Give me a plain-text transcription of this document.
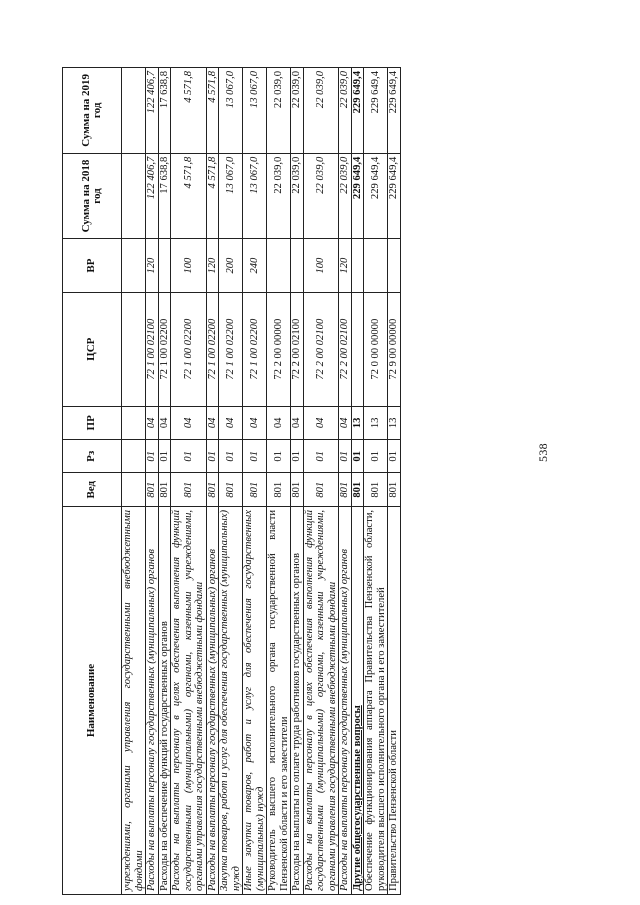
538
Наименование	Вед	Рз	ПР	ЦСР	ВР	Сумма на 2018 год	Сумма на 2019 год
учреждениями, органами управления государственными внебюджетными фондами							
Расходы на выплаты персоналу государственных (муниципальных) органов	801	01	04	72 1 00 02100	120	122 406,7	122 406,7
Расходы на обеспечение функций государственных органов	801	01	04	72 1 00 02200		17 638,8	17 638,8
Расходы на выплаты персоналу в целях обеспечения выполнения функций государственными (муниципальными) органами, казенными учреждениями, органами управления государственными внебюджетными фондами	801	01	04	72 1 00 02200	100	4 571,8	4 571,8
Расходы на выплаты персоналу государственных (муниципальных) органов	801	01	04	72 1 00 02200	120	4 571,8	4 571,8
Закупка товаров, работ и услуг для обеспечения государственных (муниципальных) нужд	801	01	04	72 1 00 02200	200	13 067,0	13 067,0
Иные закупки товаров, работ и услуг для обеспечения государственных (муниципальных) нужд	801	01	04	72 1 00 02200	240	13 067,0	13 067,0
Руководитель высшего исполнительного органа государственной власти Пензенской области и его заместители	801	01	04	72 2 00 00000		22 039,0	22 039,0
Расходы на выплаты по оплате труда работников государственных органов	801	01	04	72 2 00 02100		22 039,0	22 039,0
Расходы на выплаты персоналу в целях обеспечения выполнения функций государственными (муниципальными) органами, казенными учреждениями, органами управления государственными внебюджетными фондами	801	01	04	72 2 00 02100	100	22 039,0	22 039,0
Расходы на выплаты персоналу государственных (муниципальных) органов	801	01	04	72 2 00 02100	120	22 039,0	22 039,0
Другие общегосударственные вопросы	801	01	13			229 649,4	229 649,4
Обеспечение функционирования аппарата Правительства Пензенской области, руководителя высшего исполнительного органа и его заместителей	801	01	13	72 0 00 00000		229 649,4	229 649,4
Правительство Пензенской области	801	01	13	72 9 00 00000		229 649,4	229 649,4
